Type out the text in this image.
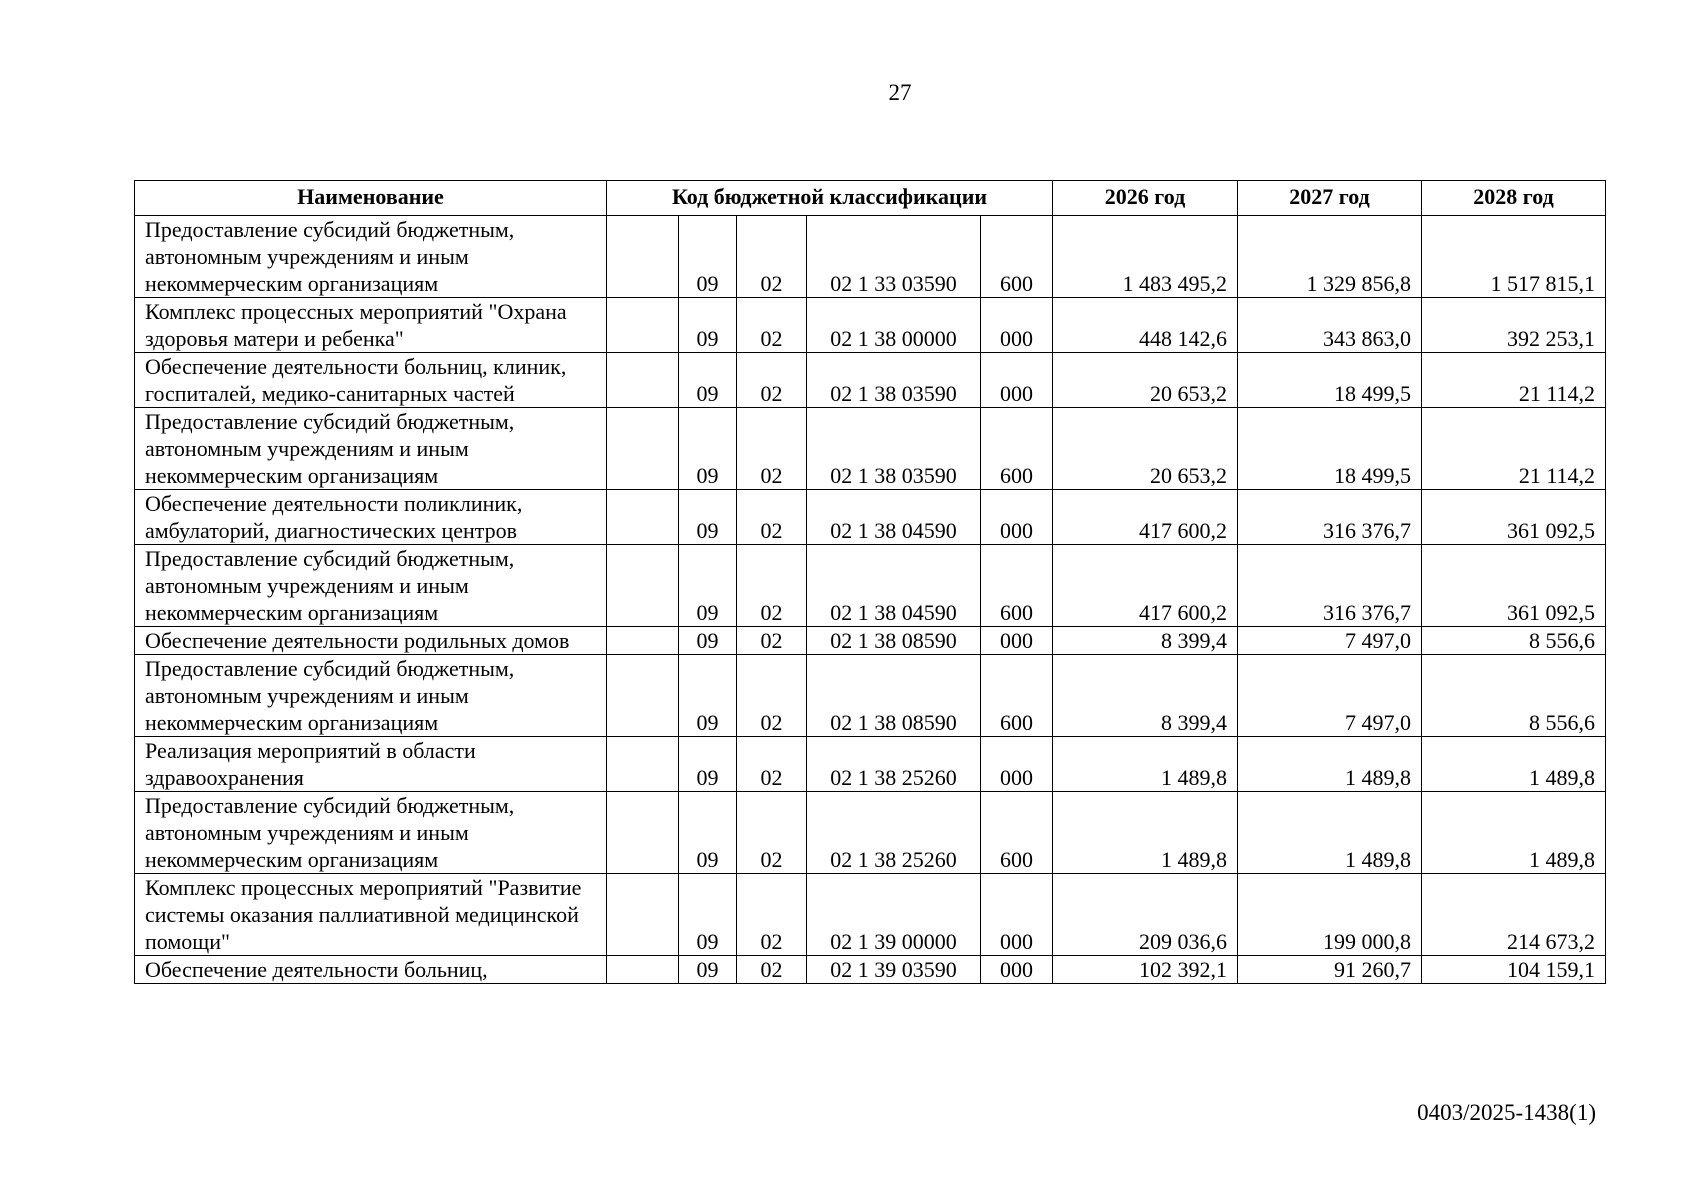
27
Наименование	Код бюджетной классификации					2026 год	2027 год	2028 год
Предоставление субсидий бюджетным, автономным учреждениям и иным некоммерческим организациям		09	02	02 1 33 03590	600	1 483 495,2	1 329 856,8	1 517 815,1
Комплекс процессных мероприятий "Охрана здоровья матери и ребенка"		09	02	02 1 38 00000	000	448 142,6	343 863,0	392 253,1
Обеспечение деятельности больниц, клиник, госпиталей, медико-санитарных частей		09	02	02 1 38 03590	000	20 653,2	18 499,5	21 114,2
Предоставление субсидий бюджетным, автономным учреждениям и иным некоммерческим организациям		09	02	02 1 38 03590	600	20 653,2	18 499,5	21 114,2
Обеспечение деятельности поликлиник, амбулаторий, диагностических центров		09	02	02 1 38 04590	000	417 600,2	316 376,7	361 092,5
Предоставление субсидий бюджетным, автономным учреждениям и иным некоммерческим организациям		09	02	02 1 38 04590	600	417 600,2	316 376,7	361 092,5
Обеспечение деятельности родильных домов		09	02	02 1 38 08590	000	8 399,4	7 497,0	8 556,6
Предоставление субсидий бюджетным, автономным учреждениям и иным некоммерческим организациям		09	02	02 1 38 08590	600	8 399,4	7 497,0	8 556,6
Реализация мероприятий в области здравоохранения		09	02	02 1 38 25260	000	1 489,8	1 489,8	1 489,8
Предоставление субсидий бюджетным, автономным учреждениям и иным некоммерческим организациям		09	02	02 1 38 25260	600	1 489,8	1 489,8	1 489,8
Комплекс процессных мероприятий "Развитие системы оказания паллиативной медицинской помощи"		09	02	02 1 39 00000	000	209 036,6	199 000,8	214 673,2
Обеспечение деятельности больниц,		09	02	02 1 39 03590	000	102 392,1	91 260,7	104 159,1
0403/2025-1438(1)
